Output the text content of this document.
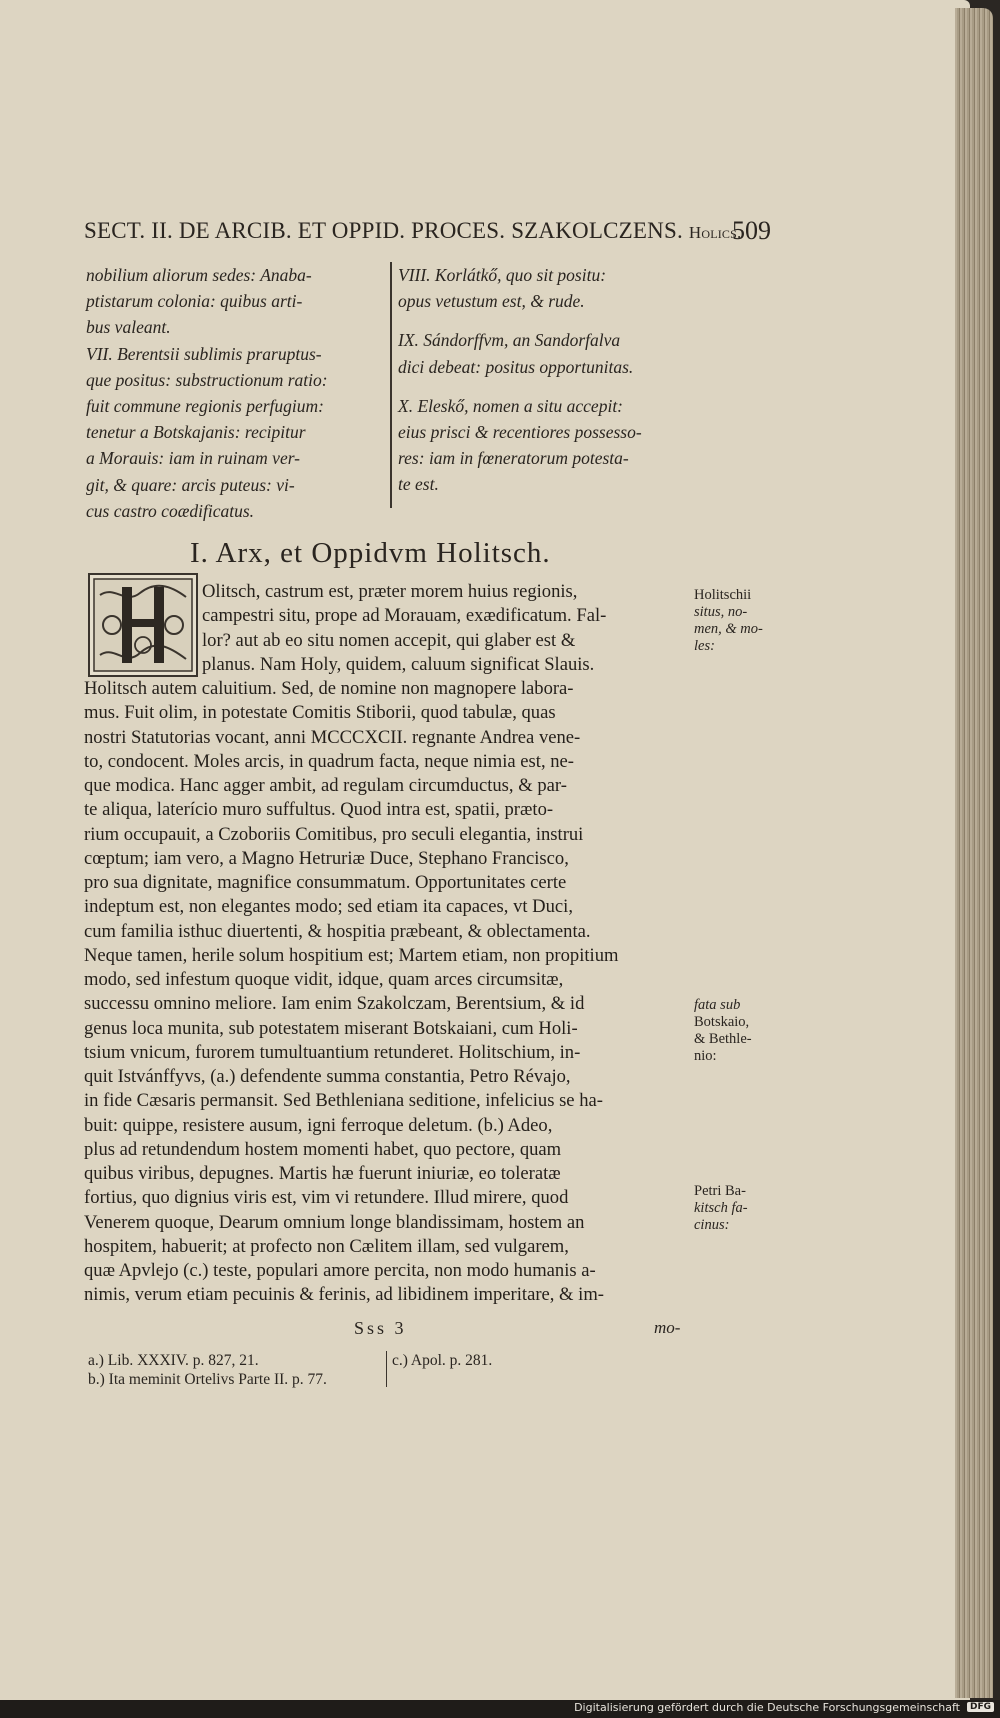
SECT. II. DE ARCIB. ET OPPID. PROCES. SZAKOLCZENS. Holics.
509
nobilium aliorum sedes: Anaba-
ptistarum colonia: quibus arti-
bus valeant.
VII. Berentsii sublimis praruptus-
que positus: substructionum ratio:
fuit commune regionis perfugium:
tenetur a Botskajanis: recipitur
a Morauis: iam in ruinam ver-
git, & quare: arcis puteus: vi-
cus castro coædificatus.
VIII. Korlátkő, quo sit positu:
opus vetustum est, & rude.
IX. Sándorffvm, an Sandorfalva
dici debeat: positus opportunitas.
X. Eleskő, nomen a situ accepit:
eius prisci & recentiores possesso-
res: iam in fœneratorum potesta-
te est.
I. Arx, et Oppidvm Holitsch.
Olitsch, castrum est, præter morem huius regionis,
campestri situ, prope ad Morauam, exædificatum. Fal-
lor? aut ab eo situ nomen accepit, qui glaber est &
planus. Nam Holy, quidem, caluum significat Slauis.
Holitsch autem caluitium. Sed, de nomine non magnopere labora-
mus. Fuit olim, in potestate Comitis Stiborii, quod tabulæ, quas
nostri Statutorias vocant, anni MCCCXCII. regnante Andrea vene-
to, condocent. Moles arcis, in quadrum facta, neque nimia est, ne-
que modica. Hanc agger ambit, ad regulam circumductus, & par-
te aliqua, laterício muro suffultus. Quod intra est, spatii, præto-
rium occupauit, a Czoboriis Comitibus, pro seculi elegantia, instrui
cœptum; iam vero, a Magno Hetruriæ Duce, Stephano Francisco,
pro sua dignitate, magnifice consummatum. Opportunitates certe
indeptum est, non elegantes modo; sed etiam ita capaces, vt Duci,
cum familia isthuc diuertenti, & hospitia præbeant, & oblectamenta.
Neque tamen, herile solum hospitium est; Martem etiam, non propitium
modo, sed infestum quoque vidit, idque, quam arces circumsitæ,
successu omnino meliore. Iam enim Szakolczam, Berentsium, & id
genus loca munita, sub potestatem miserant Botskaiani, cum Holi-
tsium vnicum, furorem tumultuantium retunderet. Holitschium, in-
quit Istvánffyvs, (a.) defendente summa constantia, Petro Révajo,
in fide Cæsaris permansit. Sed Bethleniana seditione, infelicius se ha-
buit: quippe, resistere ausum, igni ferroque deletum. (b.) Adeo,
plus ad retundendum hostem momenti habet, quo pectore, quam
quibus viribus, depugnes. Martis hæ fuerunt iniuriæ, eo toleratæ
fortius, quo dignius viris est, vim vi retundere. Illud mirere, quod
Venerem quoque, Dearum omnium longe blandissimam, hostem an
hospitem, habuerit; at profecto non Cælitem illam, sed vulgarem,
quæ Apvlejo (c.) teste, populari amore percita, non modo humanis a-
nimis, verum etiam pecuinis & ferinis, ad libidinem imperitare, & im-
Holitschii
situs, no-
men, & mo-
les:
fata sub
Botskaio,
& Bethle-
nio:
Petri Ba-
kitsch fa-
cinus:
Sss 3	mo-
a.) Lib. XXXIV. p. 827, 21.
b.) Ita meminit Ortelivs Parte II. p. 77.
c.) Apol. p. 281.
Digitalisierung gefördert durch die Deutsche Forschungsgemeinschaft	DFG
